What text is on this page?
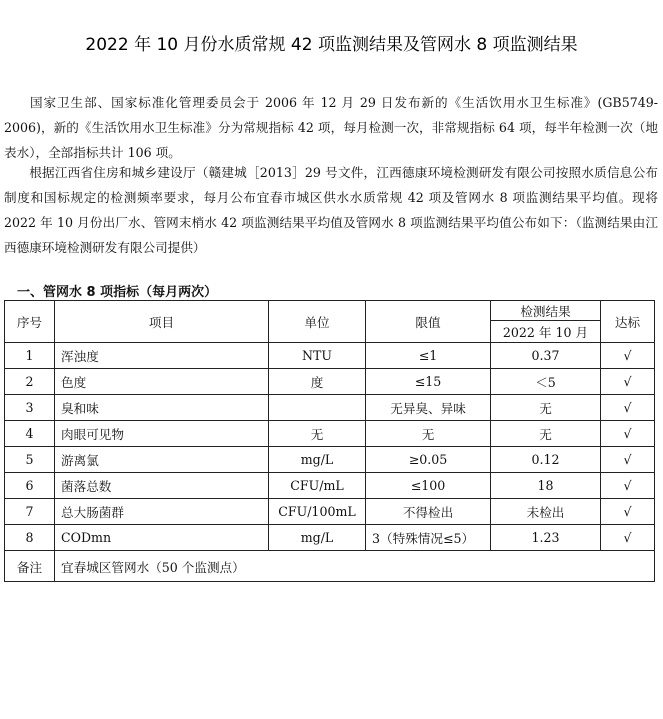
2022 年 10 月份水质常规 42 项监测结果及管网水 8 项监测结果

国家卫生部、国家标准化管理委员会于 2006 年 12 月 29 日发布新的《生活饮用水卫生标准》(GB5749-2006)，新的《生活饮用水卫生标准》分为常规指标 42 项，每月检测一次，非常规指标 64 项，每半年检测一次（地表水），全部指标共计 106 项。

根据江西省住房和城乡建设厅（赣建城［2013］29 号文件，江西德康环境检测研发有限公司按照水质信息公布制度和国标规定的检测频率要求，每月公布宜春市城区供水水质常规 42 项及管网水 8 项监测结果平均值。现将 2022 年 10 月份出厂水、管网末梢水 42 项监测结果平均值及管网水 8 项监测结果平均值公布如下：（监测结果由江西德康环境检测研发有限公司提供）

一、管网水 8 项指标（每月两次）
序号	项目	单位	限值	检测结果	达标
				2022 年 10 月	
1	浑浊度	NTU	≤1	0.37	√
2	色度	度	≤15	＜5	√
3	臭和味		无异臭、异味	无	√
4	肉眼可见物	无	无	无	√
5	游离氯	mg/L	≥0.05	0.12	√
6	菌落总数	CFU/mL	≤100	18	√
7	总大肠菌群	CFU/100mL	不得检出	未检出	√
8	CODmn	mg/L	3（特殊情况≤5）	1.23	√
备注	宜春城区管网水（50 个监测点）				
